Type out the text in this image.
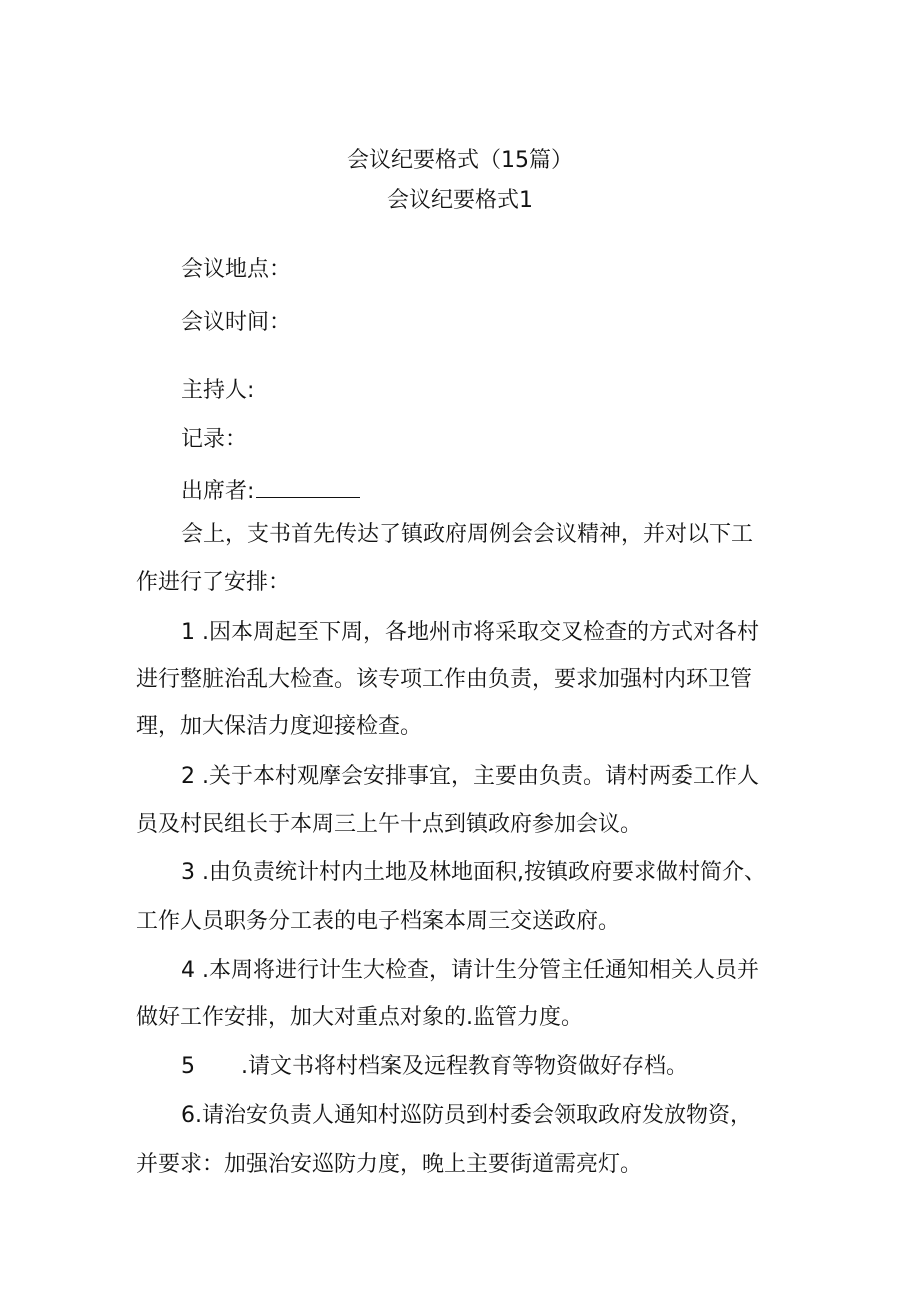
会议纪要格式（15篇）
会议纪要格式1
会议地点：
会议时间：
主持人:
记录：
出席者:
会上，支书首先传达了镇政府周例会会议精神，并对以下工
作进行了安排：
1 .因本周起至下周，各地州市将采取交叉检查的方式对各村
进行整脏治乱大检查。该专项工作由负责，要求加强村内环卫管
理，加大保洁力度迎接检查。
2 .关于本村观摩会安排事宜，主要由负责。请村两委工作人
员及村民组长于本周三上午十点到镇政府参加会议。
3 .由负责统计村内土地及林地面积,按镇政府要求做村简介、
工作人员职务分工表的电子档案本周三交送政府。
4 .本周将进行计生大检查，请计生分管主任通知相关人员并
做好工作安排，加大对重点对象的.监管力度。
5 .请文书将村档案及远程教育等物资做好存档。
6.请治安负责人通知村巡防员到村委会领取政府发放物资，
并要求：加强治安巡防力度，晚上主要街道需亮灯。
